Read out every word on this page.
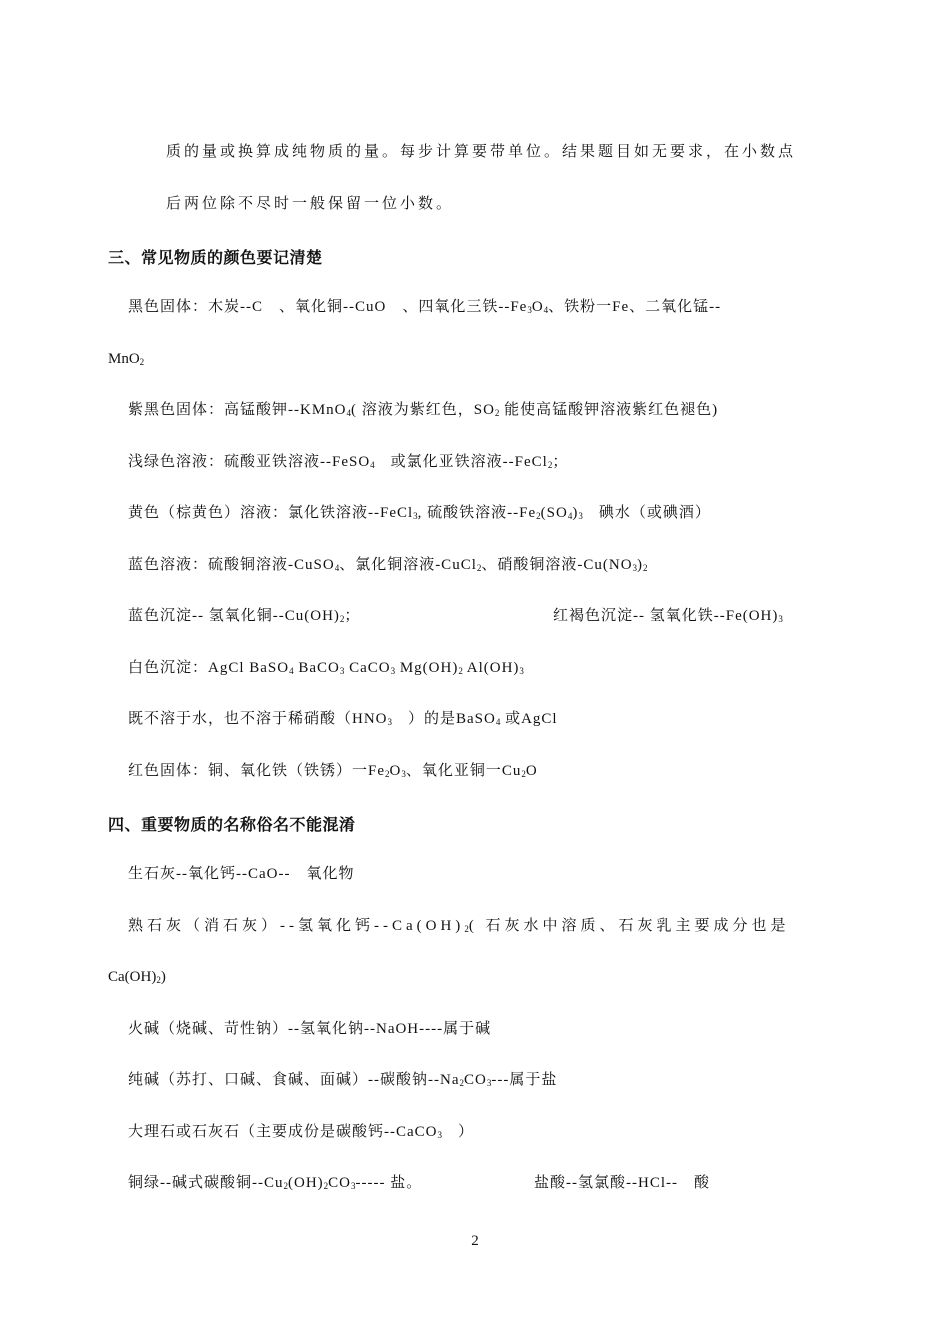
质的量或换算成纯物质的量。每步计算要带单位。结果题目如无要求，在小数点
后两位除不尽时一般保留一位小数。
三、常见物质的颜色要记清楚
黑色固体：木炭--C　、氧化铜--CuO　、四氧化三铁$--Fe_3O_4$、铁粉一Fe、二氧化锰--
MnO$_2$
紫黑色固体：高锰酸钾--KMnO$_4$( 溶液为紫红色，$SO_2$ 能使高锰酸钾溶液紫红色褪色)
浅绿色溶液：硫酸亚铁溶液--FeSO$_4$　或氯化亚铁溶液--FeCl$_2$；
黄色（棕黄色）溶液：氯化铁溶液--FeCl$_3$, 硫酸铁溶液$--Fe_2(SO_4)_3$　碘水（或碘酒）
蓝色溶液：硫酸铜溶液-CuSO$_4$、氯化铜溶液-CuCl$_2$、硝酸铜溶液$-Cu(NO_3)_2$
蓝色沉淀-- 氢氧化铜$--Cu(OH)_2$；	红褐色沉淀-- 氢氧化铁$--Fe(OH)_3$
白色沉淀：AgCl BaSO$_4$ BaCO$_3$ CaCO$_3$ $Mg(OH)_2$ $Al(OH)_3$
既不溶于水，也不溶于稀硝酸（$HNO_3$　）的是BaSO$_4$ 或AgCl
红色固体：铜、氧化铁（铁锈）一$Fe_2O_3$、氧化亚铜一$Cu_2O$
四、重要物质的名称俗名不能混淆
生石灰--氧化钙--CaO--　氧化物
熟石灰（消石灰）--氢氧化钙$--Ca(OH)_2$( 石灰水中溶质、石灰乳主要成分也是
$Ca(OH)_2$)
火碱（烧碱、苛性钠）--氢氧化钠--NaOH----属于碱
纯碱（苏打、口碱、食碱、面碱）--碳酸钠$--Na_2CO_3---$属于盐
大理石或石灰石（主要成份是碳酸钙--CaCO$_3$　）
铜绿--碱式碳酸铜$--Cu_2(OH)_2CO_3-----$ 盐。	盐酸--氢氯酸--HCl--　酸
2
